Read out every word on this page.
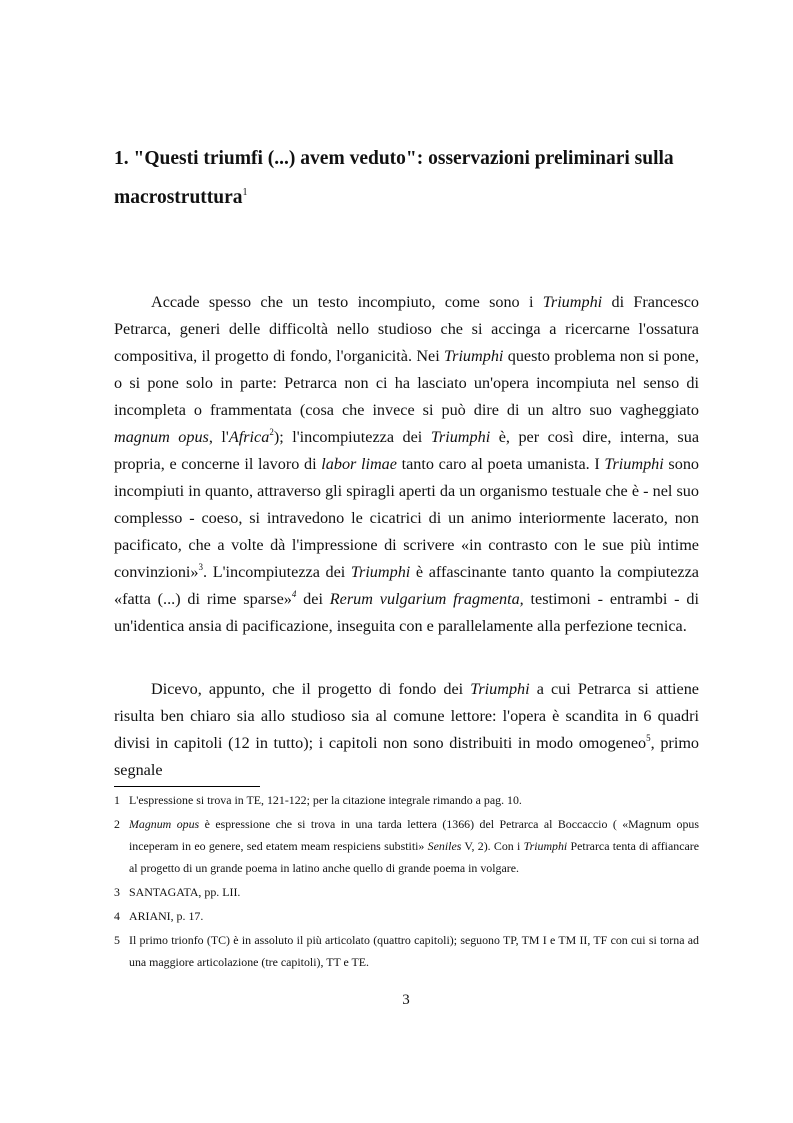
1. "Questi triumfi (...) avem veduto": osservazioni preliminari sulla macrostruttura$^1$

Accade spesso che un testo incompiuto, come sono i Triumphi di Francesco Petrarca, generi delle difficoltà nello studioso che si accinga a ricercarne l'ossatura compositiva, il progetto di fondo, l'organicità. Nei Triumphi questo problema non si pone, o si pone solo in parte: Petrarca non ci ha lasciato un'opera incompiuta nel senso di incompleta o frammentata (cosa che invece si può dire di un altro suo vagheggiato magnum opus, l'Africa$^2$); l'incompiutezza dei Triumphi è, per così dire, interna, sua propria, e concerne il lavoro di labor limae tanto caro al poeta umanista. I Triumphi sono incompiuti in quanto, attraverso gli spiragli aperti da un organismo testuale che è - nel suo complesso - coeso, si intravedono le cicatrici di un animo interiormente lacerato, non pacificato, che a volte dà l'impressione di scrivere «in contrasto con le sue più intime convinzioni»$^3$. L'incompiutezza dei Triumphi è affascinante tanto quanto la compiutezza «fatta (...) di rime sparse»$^4$ dei Rerum vulgarium fragmenta, testimoni - entrambi - di un'identica ansia di pacificazione, inseguita con e parallelamente alla perfezione tecnica.

Dicevo, appunto, che il progetto di fondo dei Triumphi a cui Petrarca si attiene risulta ben chiaro sia allo studioso sia al comune lettore: l'opera è scandita in 6 quadri divisi in capitoli (12 in tutto); i capitoli non sono distribuiti in modo omogeneo$^5$, primo segnale

1 L'espressione si trova in TE, 121-122; per la citazione integrale rimando a pag. 10.
2 Magnum opus è espressione che si trova in una tarda lettera (1366) del Petrarca al Boccaccio ( «Magnum opus inceperam in eo genere, sed etatem meam respiciens substiti» Seniles V, 2). Con i Triumphi Petrarca tenta di affiancare al progetto di un grande poema in latino anche quello di grande poema in volgare.
3 SANTAGATA, pp. LII.
4 ARIANI, p. 17.
5 Il primo trionfo (TC) è in assoluto il più articolato (quattro capitoli); seguono TP, TM I e TM II, TF con cui si torna ad una maggiore articolazione (tre capitoli), TT e TE.
3
